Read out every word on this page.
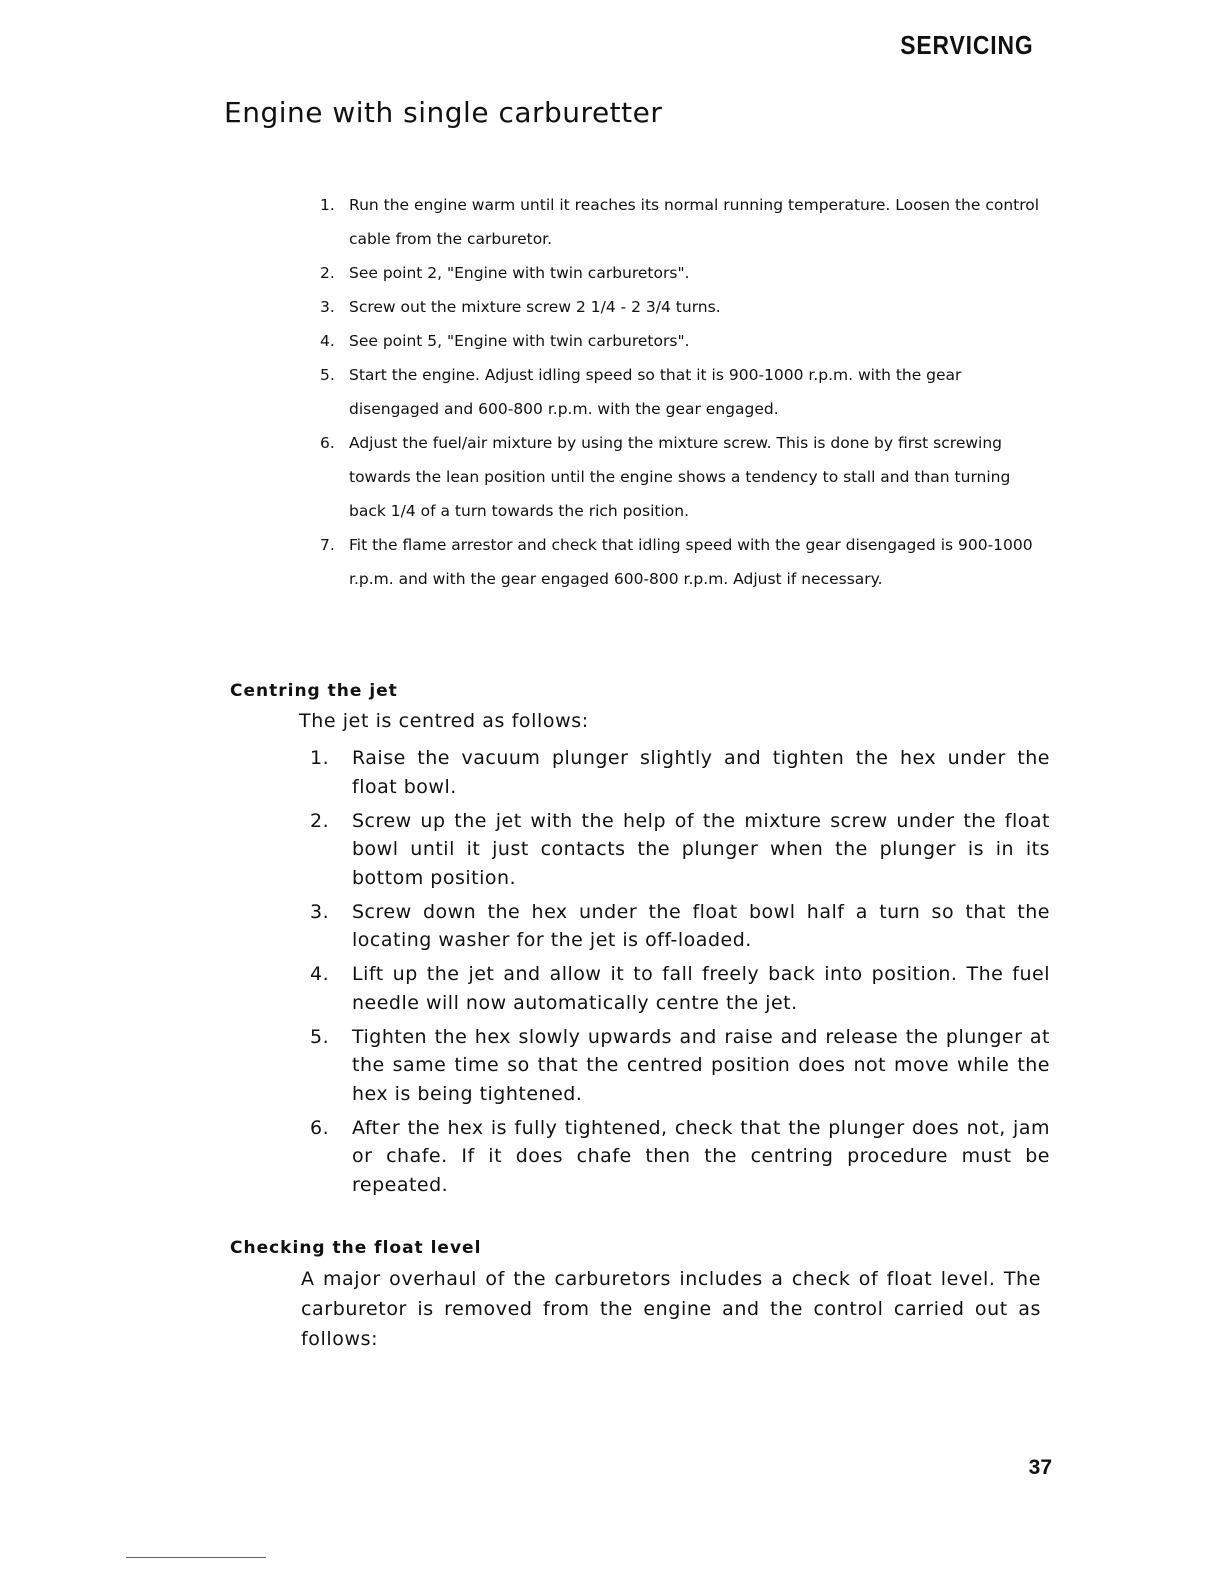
SERVICING
Engine with single carburetter
1. Run the engine warm until it reaches its normal running temperature. Loosen the control cable from the carburetor.
2. See point 2, "Engine with twin carburetors".
3. Screw out the mixture screw 2 1/4 - 2 3/4 turns.
4. See point 5, "Engine with twin carburetors".
5. Start the engine. Adjust idling speed so that it is 900-1000 r.p.m. with the gear disengaged and 600-800 r.p.m. with the gear engaged.
6. Adjust the fuel/air mixture by using the mixture screw. This is done by first screwing towards the lean position until the engine shows a tendency to stall and than turning back 1/4 of a turn towards the rich position.
7. Fit the flame arrestor and check that idling speed with the gear disengaged is 900-1000 r.p.m. and with the gear engaged 600-800 r.p.m. Adjust if necessary.
Centring the jet
The jet is centred as follows:
1. Raise the vacuum plunger slightly and tighten the hex under the float bowl.
2. Screw up the jet with the help of the mixture screw under the float bowl until it just contacts the plunger when the plunger is in its bottom position.
3. Screw down the hex under the float bowl half a turn so that the locating washer for the jet is off-loaded.
4. Lift up the jet and allow it to fall freely back into position. The fuel needle will now automatically centre the jet.
5. Tighten the hex slowly upwards and raise and release the plunger at the same time so that the centred position does not move while the hex is being tightened.
6. After the hex is fully tightened, check that the plunger does not, jam or chafe. If it does chafe then the centring procedure must be repeated.
Checking the float level

A major overhaul of the carburetors includes a check of float level. The carburetor is removed from the engine and the control carried out as follows:

37
